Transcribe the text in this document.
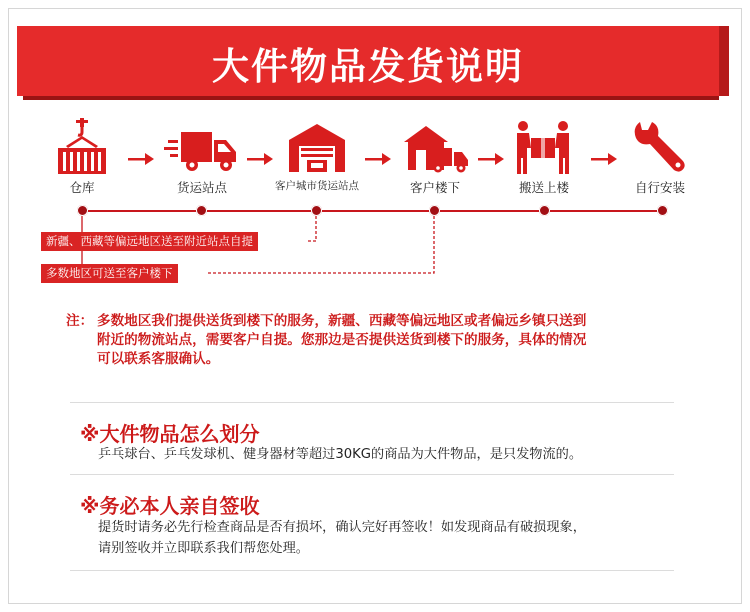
大件物品发货说明
仓库	货运站点	客户城市货运站点	客户楼下	搬送上楼	自行安装
新疆、西藏等偏远地区送至附近站点自提
多数地区可送至客户楼下
注： 多数地区我们提供送货到楼下的服务，新疆、西藏等偏远地区或者偏远乡镇只送到
附近的物流站点，需要客户自提。您那边是否提供送货到楼下的服务，具体的情况
可以联系客服确认。
※大件物品怎么划分
乒乓球台、乒乓发球机、健身器材等超过30KG的商品为大件物品，是只发物流的。
※务必本人亲自签收
提货时请务必先行检查商品是否有损坏，确认完好再签收！如发现商品有破损现象，
请别签收并立即联系我们帮您处理。
